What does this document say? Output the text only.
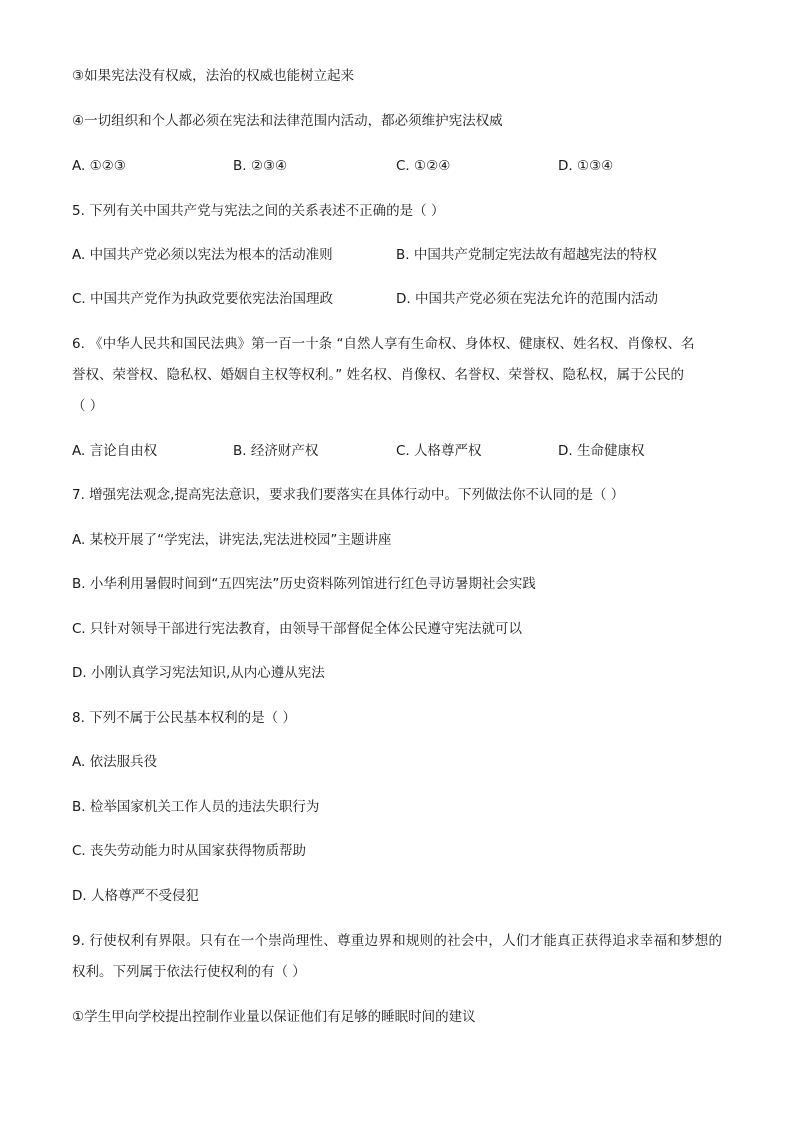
③如果宪法没有权威，法治的权威也能树立起来
④一切组织和个人都必须在宪法和法律范围内活动，都必须维护宪法权威
A. ①②③	B. ②③④	C. ①②④	D. ①③④
5. 下列有关中国共产党与宪法之间的关系表述不正确的是（ ）
A. 中国共产党必须以宪法为根本的活动准则	B. 中国共产党制定宪法故有超越宪法的特权
C. 中国共产党作为执政党要依宪法治国理政	D. 中国共产党必须在宪法允许的范围内活动
6. 《中华人民共和国民法典》第一百一十条 “自然人享有生命权、身体权、健康权、姓名权、肖像权、名
誉权、荣誉权、隐私权、婚姻自主权等权利。” 姓名权、肖像权、名誉权、荣誉权、隐私权，属于公民的
（ ）
A. 言论自由权	B. 经济财产权	C. 人格尊严权	D. 生命健康权
7. 增强宪法观念,提高宪法意识，要求我们要落实在具体行动中。下列做法你不认同的是（ ）
A. 某校开展了“学宪法，讲宪法,宪法进校园”主题讲座
B. 小华利用暑假时间到“五四宪法”历史资料陈列馆进行红色寻访暑期社会实践
C. 只针对领导干部进行宪法教育，由领导干部督促全体公民遵守宪法就可以
D. 小刚认真学习宪法知识,从内心遵从宪法
8. 下列不属于公民基本权利的是（ ）
A. 依法服兵役
B. 检举国家机关工作人员的违法失职行为
C. 丧失劳动能力时从国家获得物质帮助
D. 人格尊严不受侵犯
9. 行使权利有界限。只有在一个崇尚理性、尊重边界和规则的社会中，人们才能真正获得追求幸福和梦想的权利。下列属于依法行使权利的有（ ）
①学生甲向学校提出控制作业量以保证他们有足够的睡眠时间的建议
